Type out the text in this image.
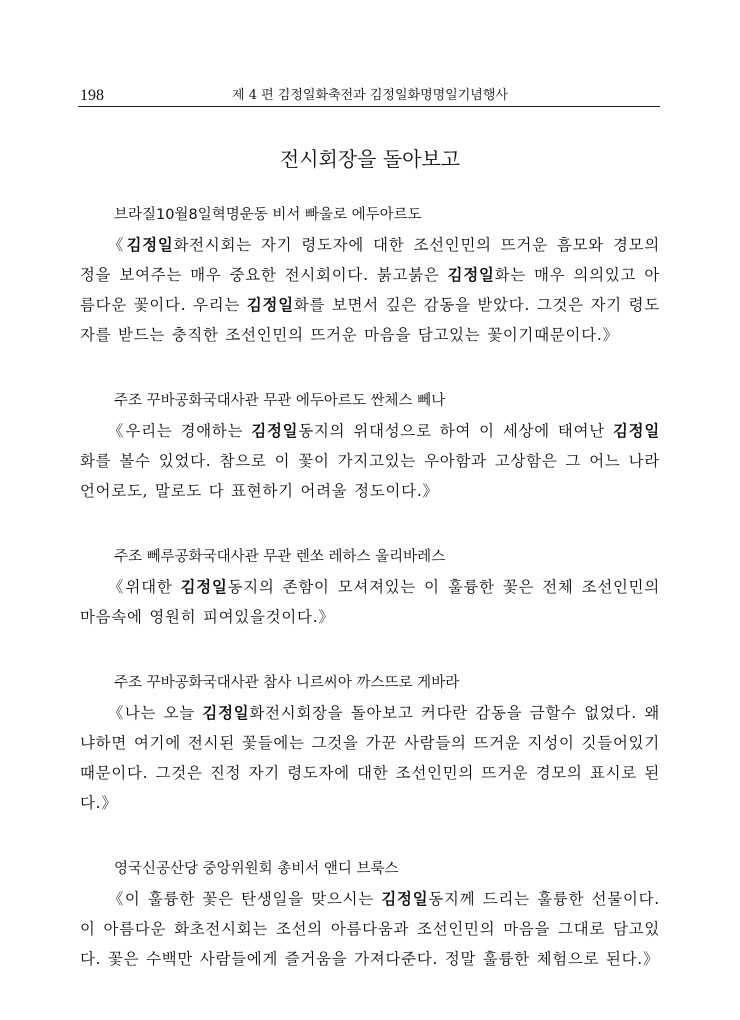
198	제 4 편 김정일화축전과 김정일화명명일기념행사
전시회장을 돌아보고
브라질10월8일혁명운동 비서 빠울로 에두아르도

《김정일화전시회는 자기 령도자에 대한 조선인민의 뜨거운 흠모와 경모의 정을 보여주는 매우 중요한 전시회이다. 붉고붉은 김정일화는 매우 의의있고 아름다운 꽃이다. 우리는 김정일화를 보면서 깊은 감동을 받았다. 그것은 자기 령도자를 받드는 충직한 조선인민의 뜨거운 마음을 담고있는 꽃이기때문이다.》

주조 꾸바공화국대사관 무관 에두아르도 싼체스 뻬나

《우리는 경애하는 김정일동지의 위대성으로 하여 이 세상에 태여난 김정일화를 볼수 있었다. 참으로 이 꽃이 가지고있는 우아함과 고상함은 그 어느 나라 언어로도, 말로도 다 표현하기 어려울 정도이다.》

주조 뻬루공화국대사관 무관 렌쏘 레하스 울리바레스

《위대한 김정일동지의 존함이 모셔져있는 이 훌륭한 꽃은 전체 조선인민의 마음속에 영원히 피여있을것이다.》

주조 꾸바공화국대사관 참사 니르씨아 까스뜨로 게바라

《나는 오늘 김정일화전시회장을 돌아보고 커다란 감동을 금할수 없었다. 왜냐하면 여기에 전시된 꽃들에는 그것을 가꾼 사람들의 뜨거운 지성이 깃들어있기때문이다. 그것은 진정 자기 령도자에 대한 조선인민의 뜨거운 경모의 표시로 된다.》

영국신공산당 중앙위원회 총비서 앤디 브룩스

《이 훌륭한 꽃은 탄생일을 맞으시는 김정일동지께 드리는 훌륭한 선물이다. 이 아름다운 화초전시회는 조선의 아름다움과 조선인민의 마음을 그대로 담고있다. 꽃은 수백만 사람들에게 즐거움을 가져다준다. 정말 훌륭한 체험으로 된다.》
